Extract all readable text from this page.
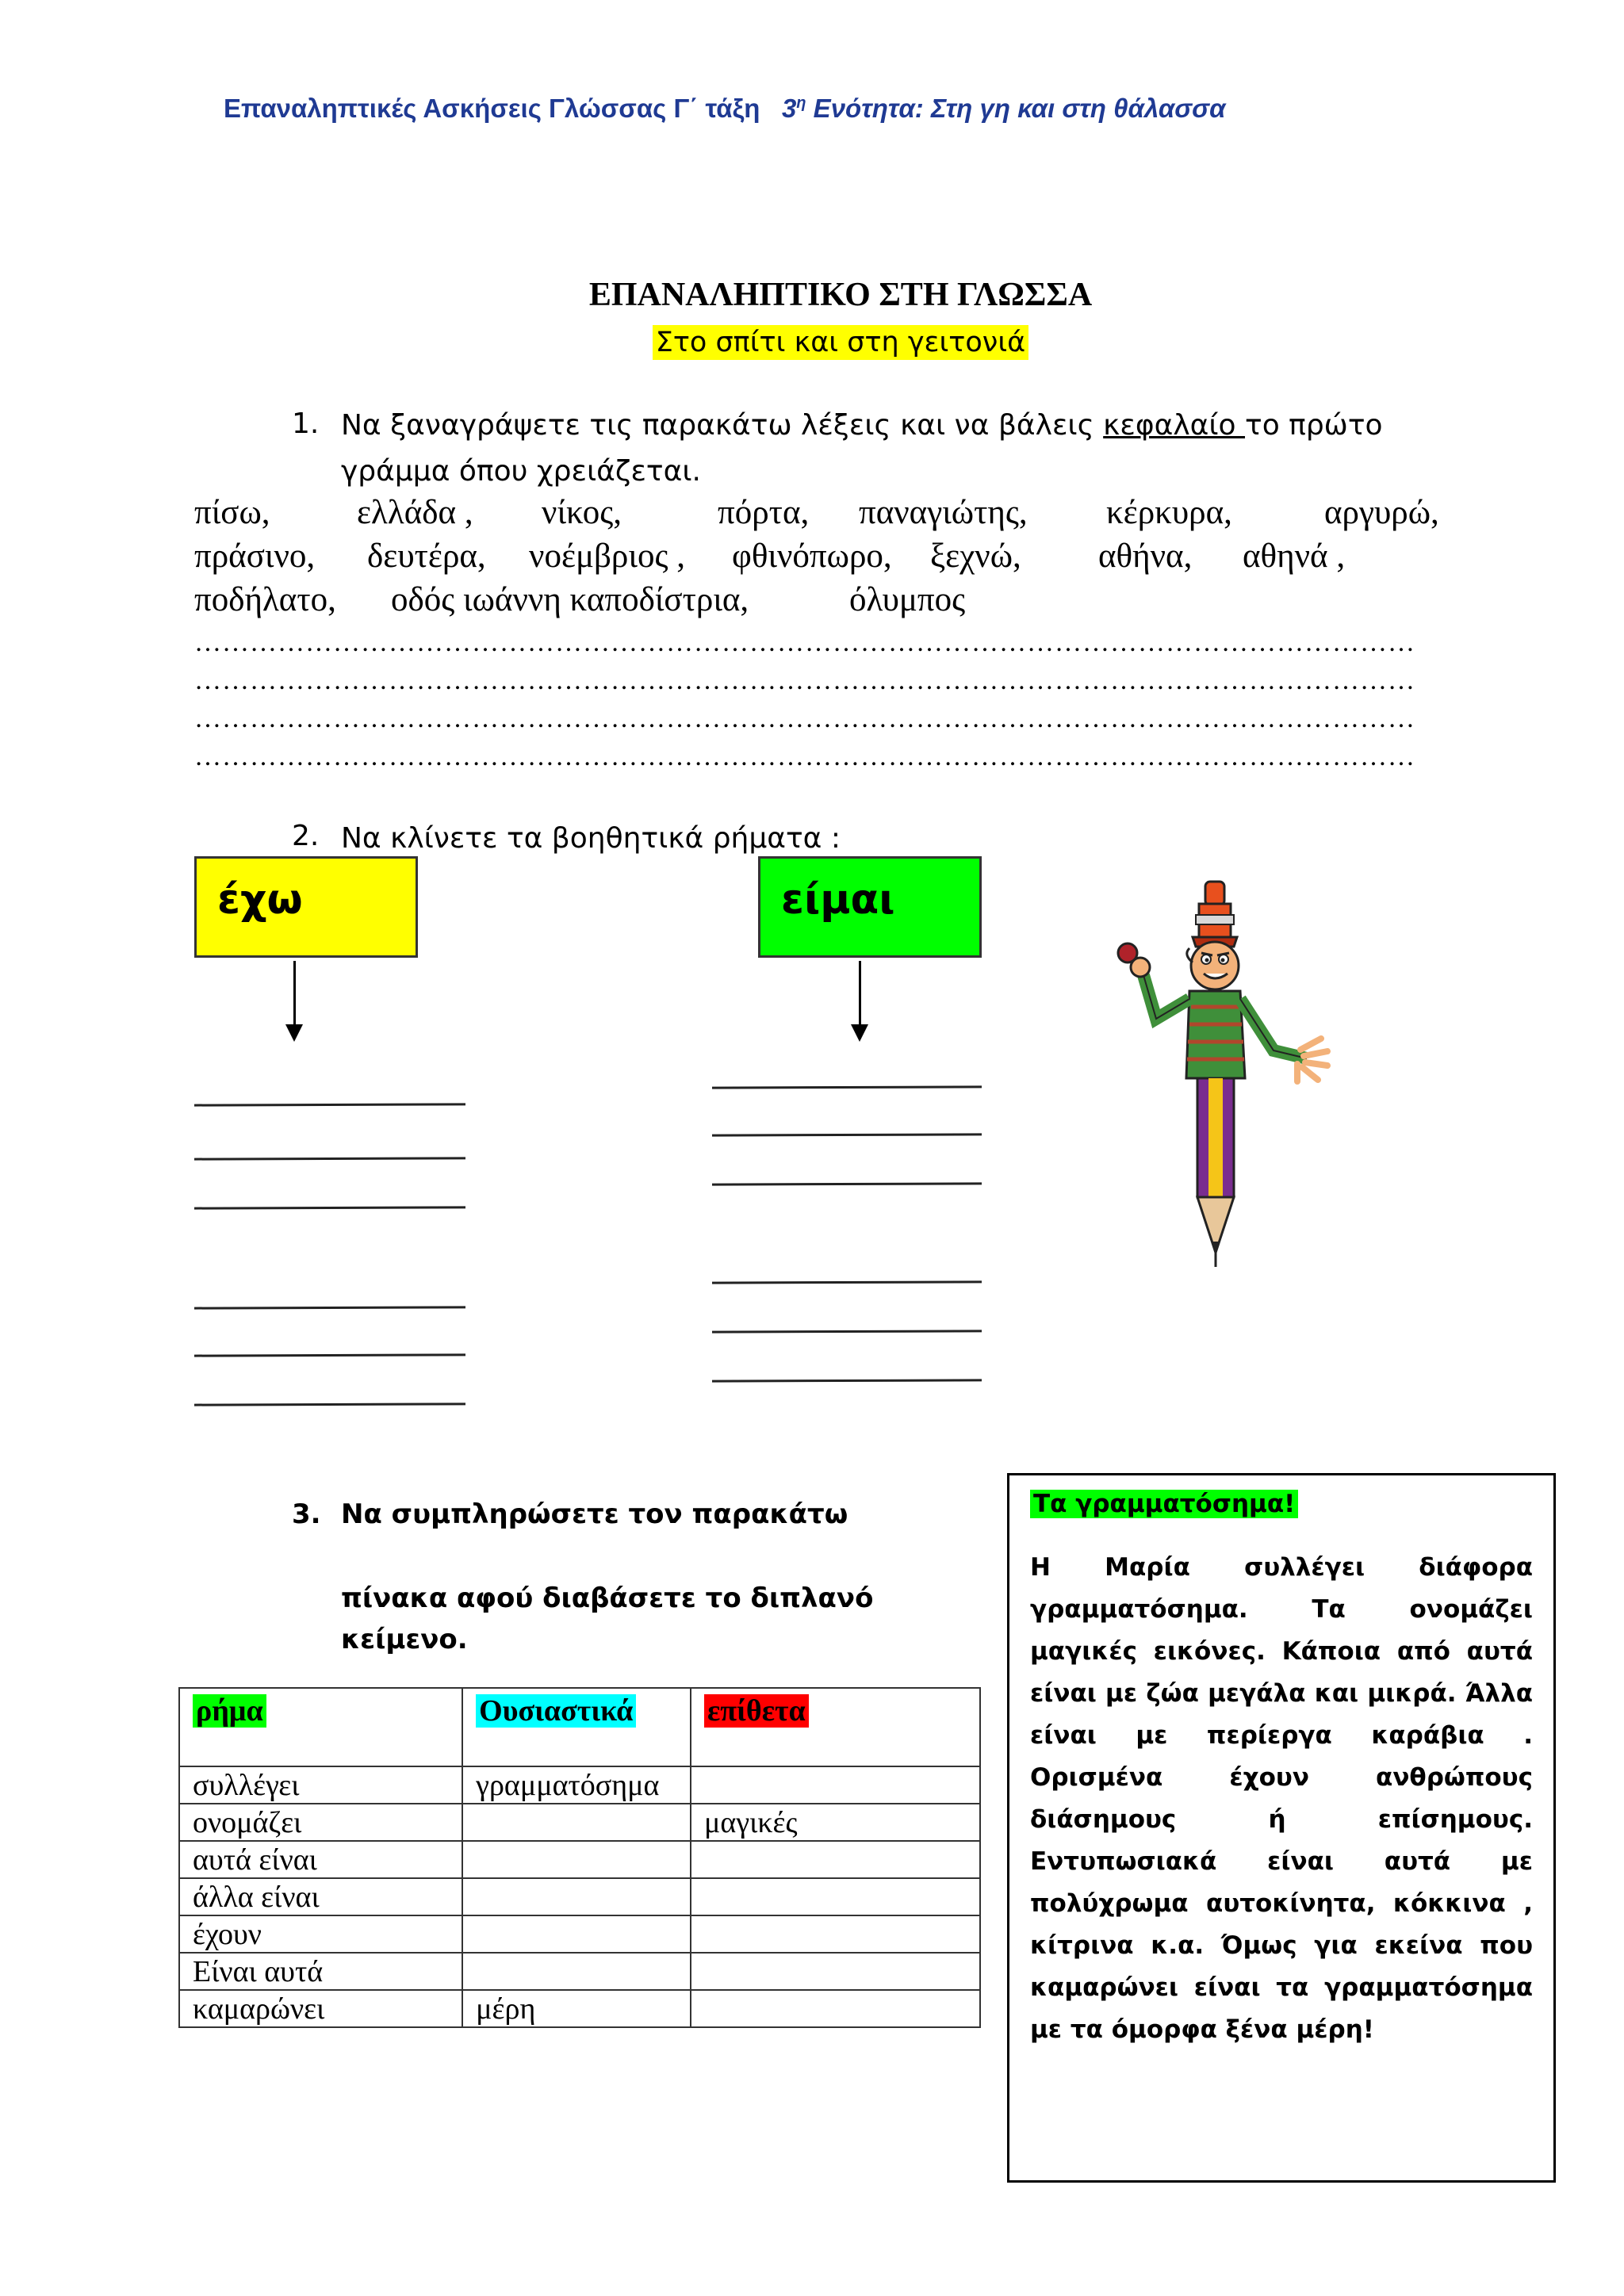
Επαναληπτικές Ασκήσεις Γλώσσας Γ΄ τάξη $3^\eta$ Ενότητα: Στη γη και στη θάλασσα
ΕΠΑΝΑΛΗΠΤΙΚΟ ΣΤΗ ΓΛΩΣΣΑ
Στο σπίτι και στη γειτονιά
1. Να ξαναγράψετε τις παρακάτω λέξεις και να βάλεις κεφαλαίο το πρώτο
γράμμα όπου χρειάζεται.
πίσω,	ελλάδα , νίκος,	πόρτα, παναγιώτης, κέρκυρα,	αργυρώ,
πράσινο, δευτέρα, νοέμβριος , φθινόπωρο, ξεχνώ, αθήνα, αθηνά ,
ποδήλατο, οδός ιωάννη καποδίστρια,	όλυμπος
……………………………………………………………………………………………………………………
……………………………………………………………………………………………………………………
……………………………………………………………………………………………………………………
……………………………………………………………………………………………………………………
2. Να κλίνετε τα βοηθητικά ρήματα :
έχω	είμαι
3. Να συμπληρώσετε τον παρακάτω
πίνακα αφού διαβάσετε το διπλανό
κείμενο.
ρήμα	Ουσιαστικά	επίθετα
συλλέγει	γραμματόσημα	
ονομάζει		μαγικές
αυτά είναι		
άλλα είναι		
έχουν		
Είναι αυτά		
καμαρώνει	μέρη	
Τα γραμματόσημα!
Η Μαρία συλλέγει διάφορα γραμματόσημα. Τα ονομάζει μαγικές εικόνες. Κάποια από αυτά είναι με ζώα μεγάλα και μικρά. Άλλα είναι με περίεργα καράβια . Ορισμένα έχουν ανθρώπους διάσημους ή επίσημους. Εντυπωσιακά είναι αυτά με πολύχρωμα αυτοκίνητα, κόκκινα , κίτρινα κ.α. Όμως για εκείνα που καμαρώνει είναι τα γραμματόσημα με τα όμορφα ξένα μέρη!
